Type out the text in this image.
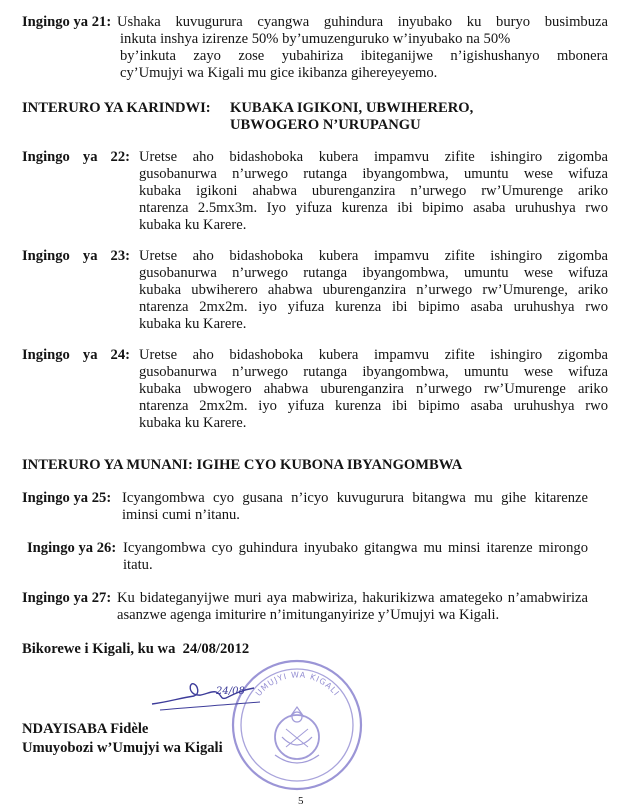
Ingingo ya 21: Ushaka kuvugurura cyangwa guhindura inyubako ku buryo busimbuza
inkuta inshya izirenze 50% by’umuzenguruko w’inyubako na 50%
by’inkuta zayo zose yubahiriza ibiteganijwe n’igishushanyo mbonera
cy’Umujyi wa Kigali mu gice ikibanza gihereyeyemo.
INTERURO YA KARINDWI: KUBAKA IGIKONI, UBWIHERERO,
UBWOGERO N’URUPANGU
Ingingo ya 22: Uretse aho bidashoboka kubera impamvu zifite ishingiro zigomba
gusobanurwa n’urwego rutanga ibyangombwa, umuntu wese wifuza
kubaka igikoni ahabwa uburenganzira n’urwego rw’Umurenge ariko
ntarenza 2.5mx3m. Iyo yifuza kurenza ibi bipimo asaba uruhushya rwo
kubaka ku Karere.
Ingingo ya 23: Uretse aho bidashoboka kubera impamvu zifite ishingiro zigomba
gusobanurwa n’urwego rutanga ibyangombwa, umuntu wese wifuza
kubaka ubwiherero ahabwa uburenganzira n’urwego rw’Umurenge, ariko
ntarenza 2mx2m. iyo yifuza kurenza ibi bipimo asaba uruhushya rwo
kubaka ku Karere.
Ingingo ya 24: Uretse aho bidashoboka kubera impamvu zifite ishingiro zigomba
gusobanurwa n’urwego rutanga ibyangombwa, umuntu wese wifuza
kubaka ubwogero ahabwa uburenganzira n’urwego rw’Umurenge ariko
ntarenza 2mx2m. iyo yifuza kurenza ibi bipimo asaba uruhushya rwo
kubaka ku Karere.
INTERURO YA MUNANI: IGIHE CYO KUBONA IBYANGOMBWA
Ingingo ya 25: Icyangombwa cyo gusana n’icyo kuvugurura bitangwa mu gihe kitarenze
iminsi cumi n’itanu.
Ingingo ya 26: Icyangombwa cyo guhindura inyubako gitangwa mu minsi itarenze mirongo
itatu.
Ingingo ya 27: Ku bidateganyijwe muri aya mabwiriza, hakurikizwa amategeko n’amabwiriza
asanzwe agenga imiturire n’imitunganyirize y’Umujyi wa Kigali.
Bikorewe i Kigali, ku wa  24/08/2012
UMUJYI WA KIGALI
24/08
NDAYISABA Fidèle
Umuyobozi w’Umujyi wa Kigali
5
